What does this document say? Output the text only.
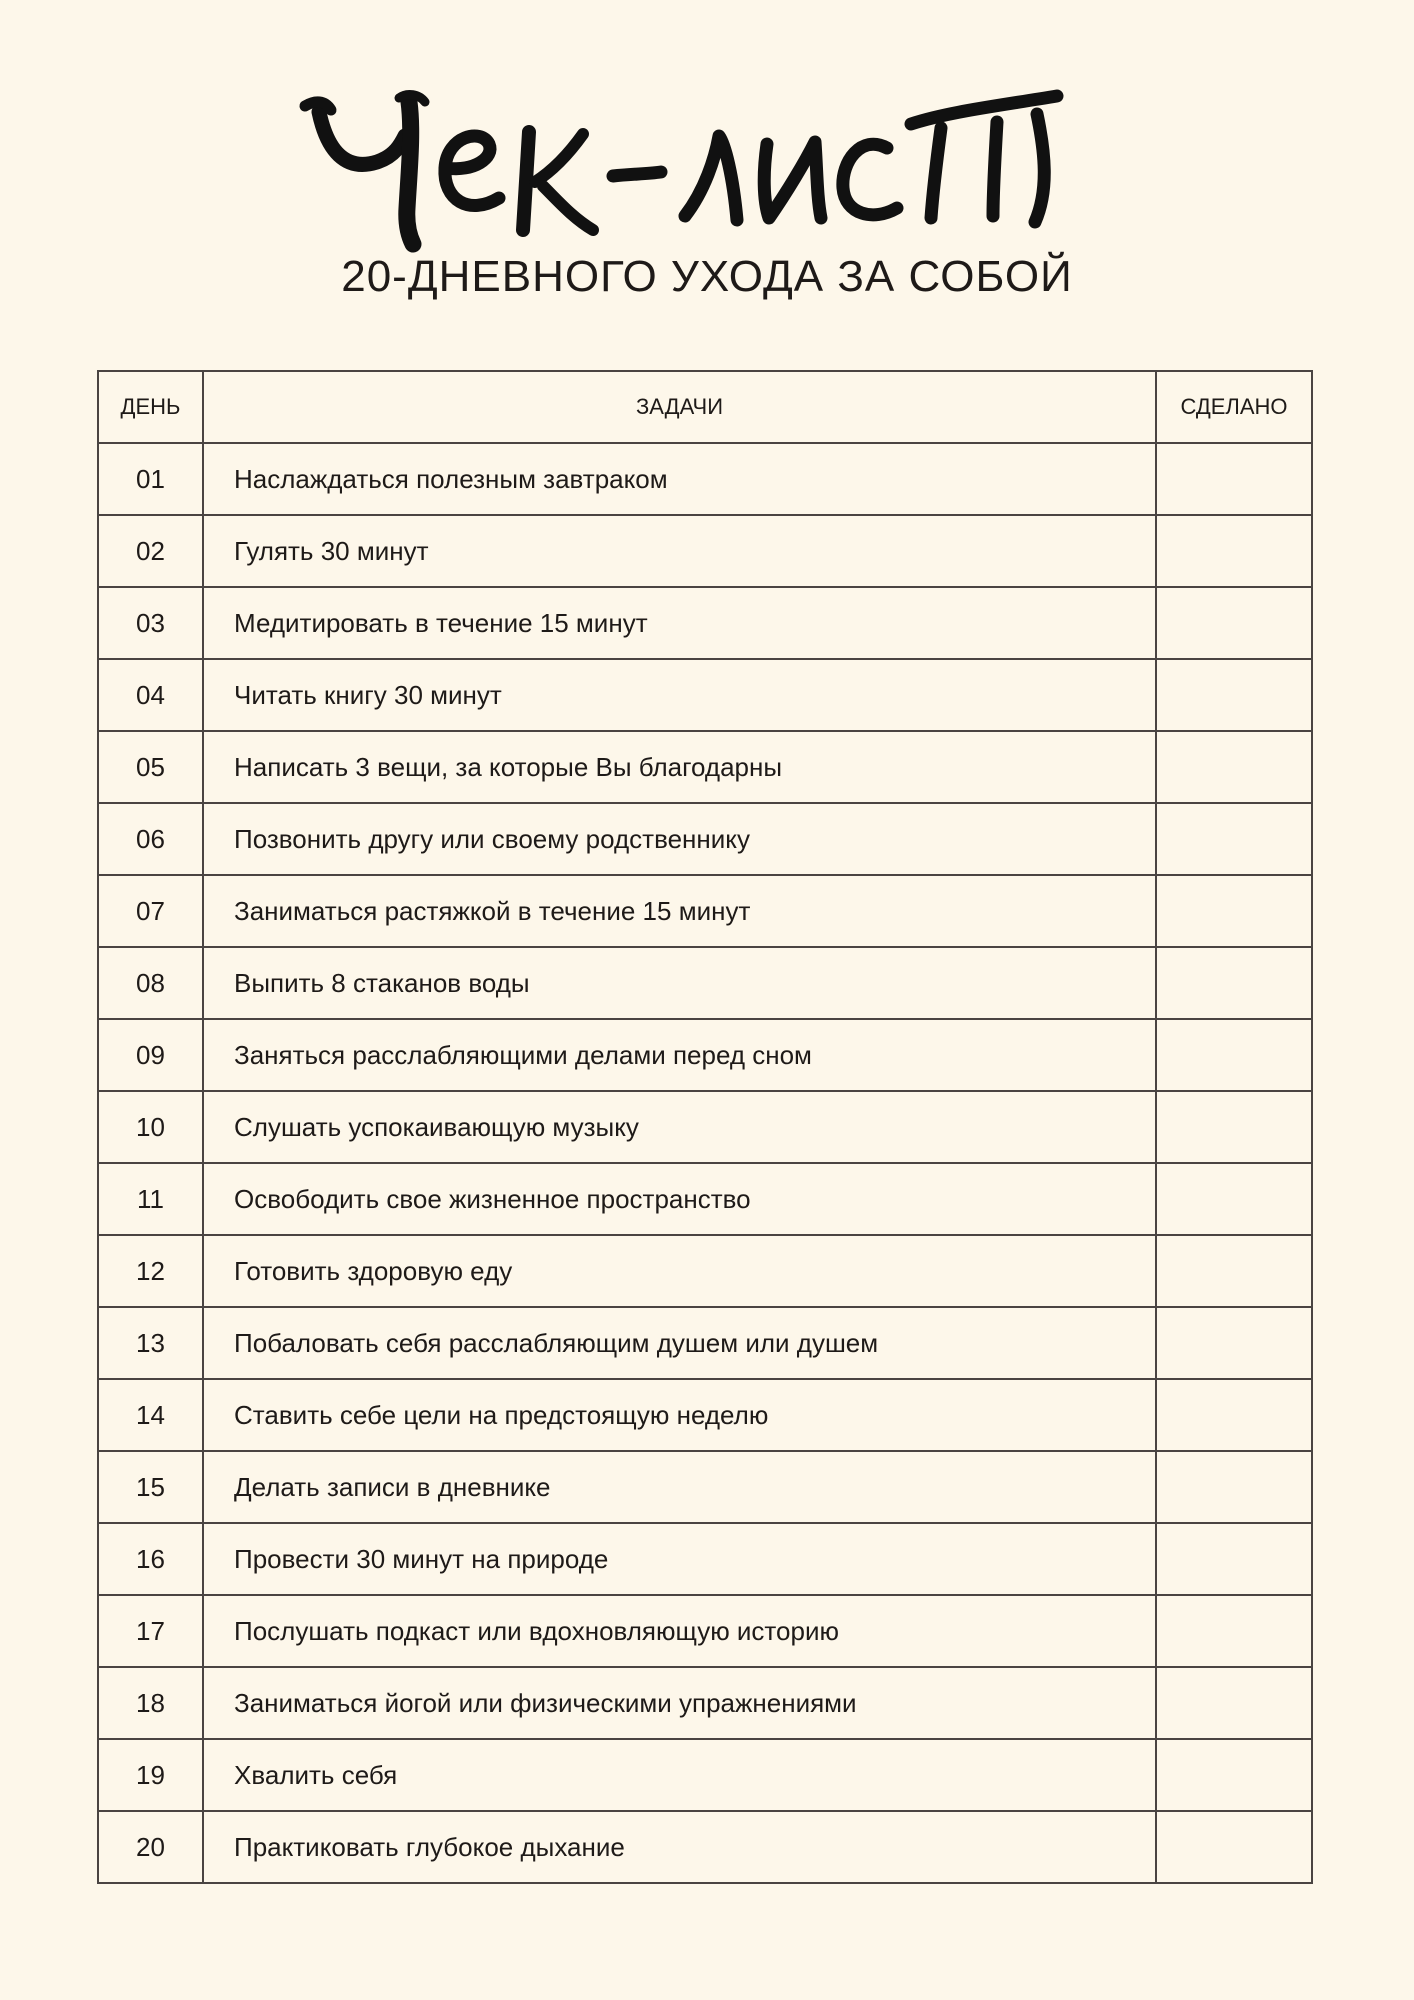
20-ДНЕВНОГО УХОДА ЗА СОБОЙ
ДЕНЬ	ЗАДАЧИ	СДЕЛАНО
01	Наслаждаться полезным завтраком	
02	Гулять 30 минут	
03	Медитировать в течение 15 минут	
04	Читать книгу 30 минут	
05	Написать 3 вещи, за которые Вы благодарны	
06	Позвонить другу или своему родственнику	
07	Заниматься растяжкой в течение 15 минут	
08	Выпить 8 стаканов воды	
09	Заняться расслабляющими делами перед сном	
10	Слушать успокаивающую музыку	
11	Освободить свое жизненное пространство	
12	Готовить здоровую еду	
13	Побаловать себя расслабляющим душем или душем	
14	Ставить себе цели на предстоящую неделю	
15	Делать записи в дневнике	
16	Провести 30 минут на природе	
17	Послушать подкаст или вдохновляющую историю	
18	Заниматься йогой или физическими упражнениями	
19	Хвалить себя	
20	Практиковать глубокое дыхание	
